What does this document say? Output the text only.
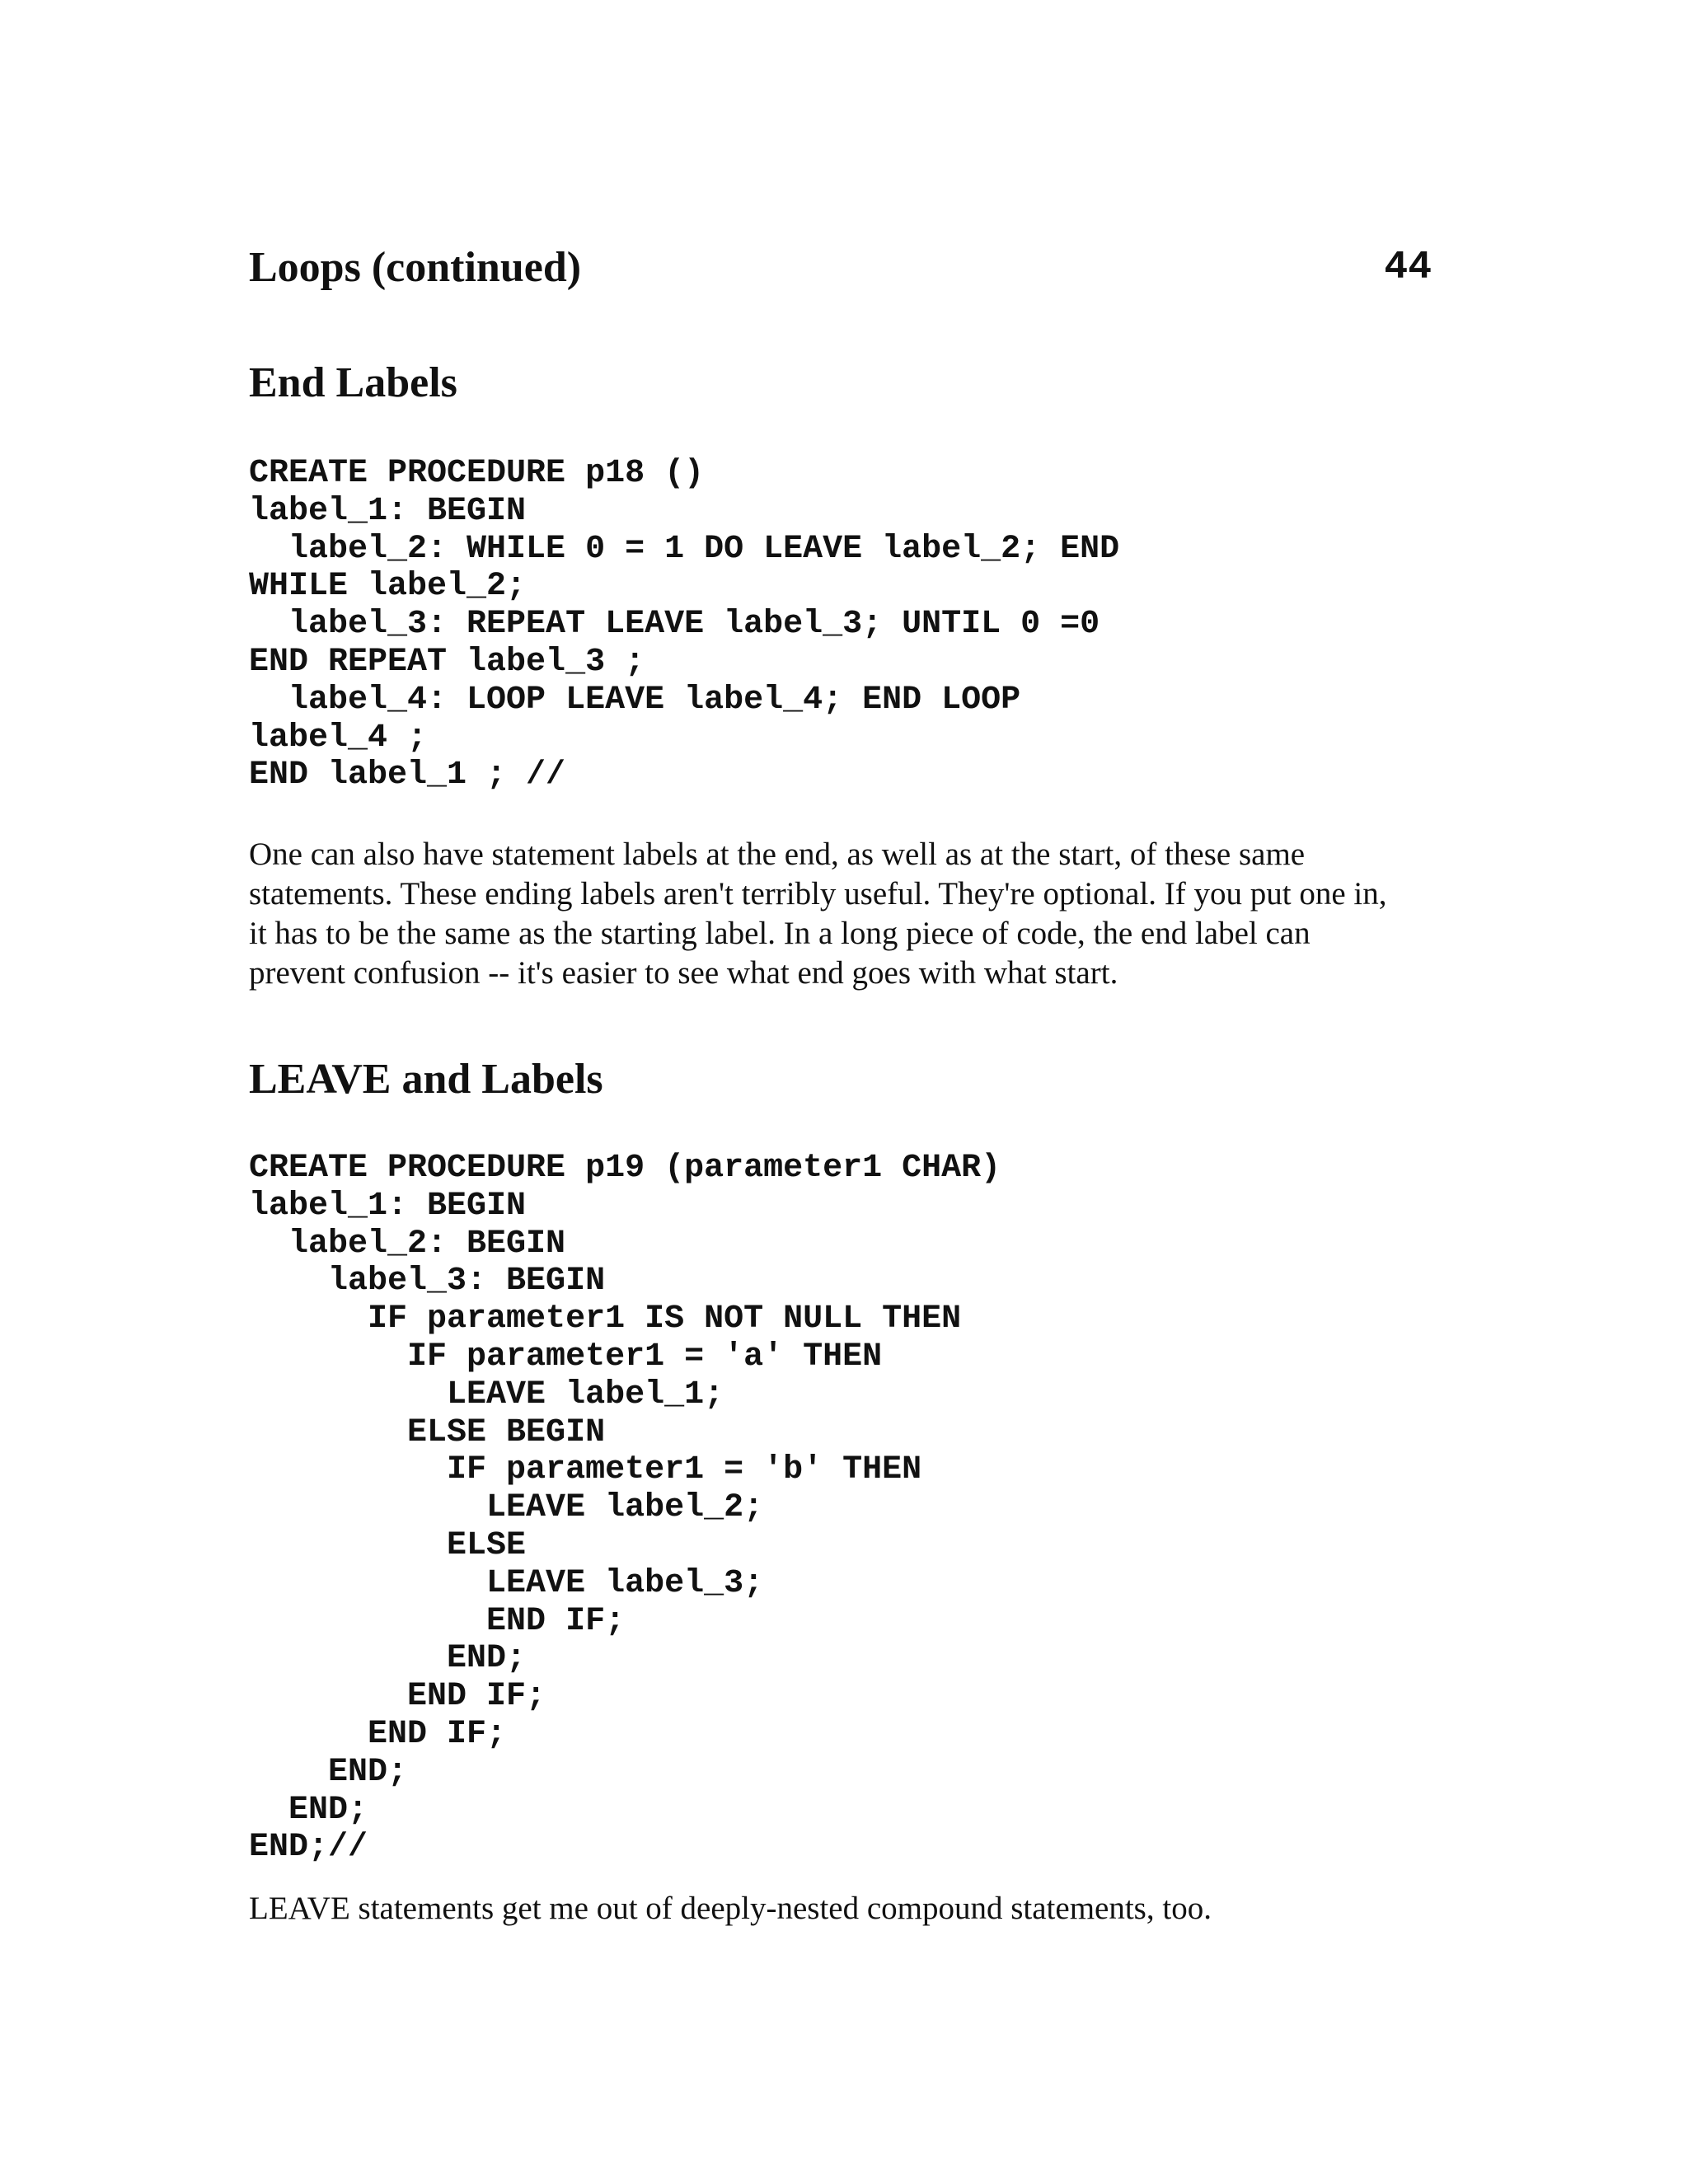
Loops (continued)	44
End Labels
CREATE PROCEDURE p18 ()
label_1: BEGIN
label_2: WHILE 0 = 1 DO LEAVE label_2; END
WHILE label_2;
label_3: REPEAT LEAVE label_3; UNTIL 0 =0
END REPEAT label_3 ;
label_4: LOOP LEAVE label_4; END LOOP
label_4 ;
END label_1 ; //
One can also have statement labels at the end, as well as at the start, of these same
statements. These ending labels aren't terribly useful. They're optional. If you put one in,
it has to be the same as the starting label. In a long piece of code, the end label can
prevent confusion -- it's easier to see what end goes with what start.
LEAVE and Labels
CREATE PROCEDURE p19 (parameter1 CHAR)
label_1: BEGIN
label_2: BEGIN
label_3: BEGIN
IF parameter1 IS NOT NULL THEN
IF parameter1 = 'a' THEN
LEAVE label_1;
ELSE BEGIN
IF parameter1 = 'b' THEN
LEAVE label_2;
ELSE
LEAVE label_3;
END IF;
END;
END IF;
END IF;
END;
END;
END;//
LEAVE statements get me out of deeply-nested compound statements, too.
